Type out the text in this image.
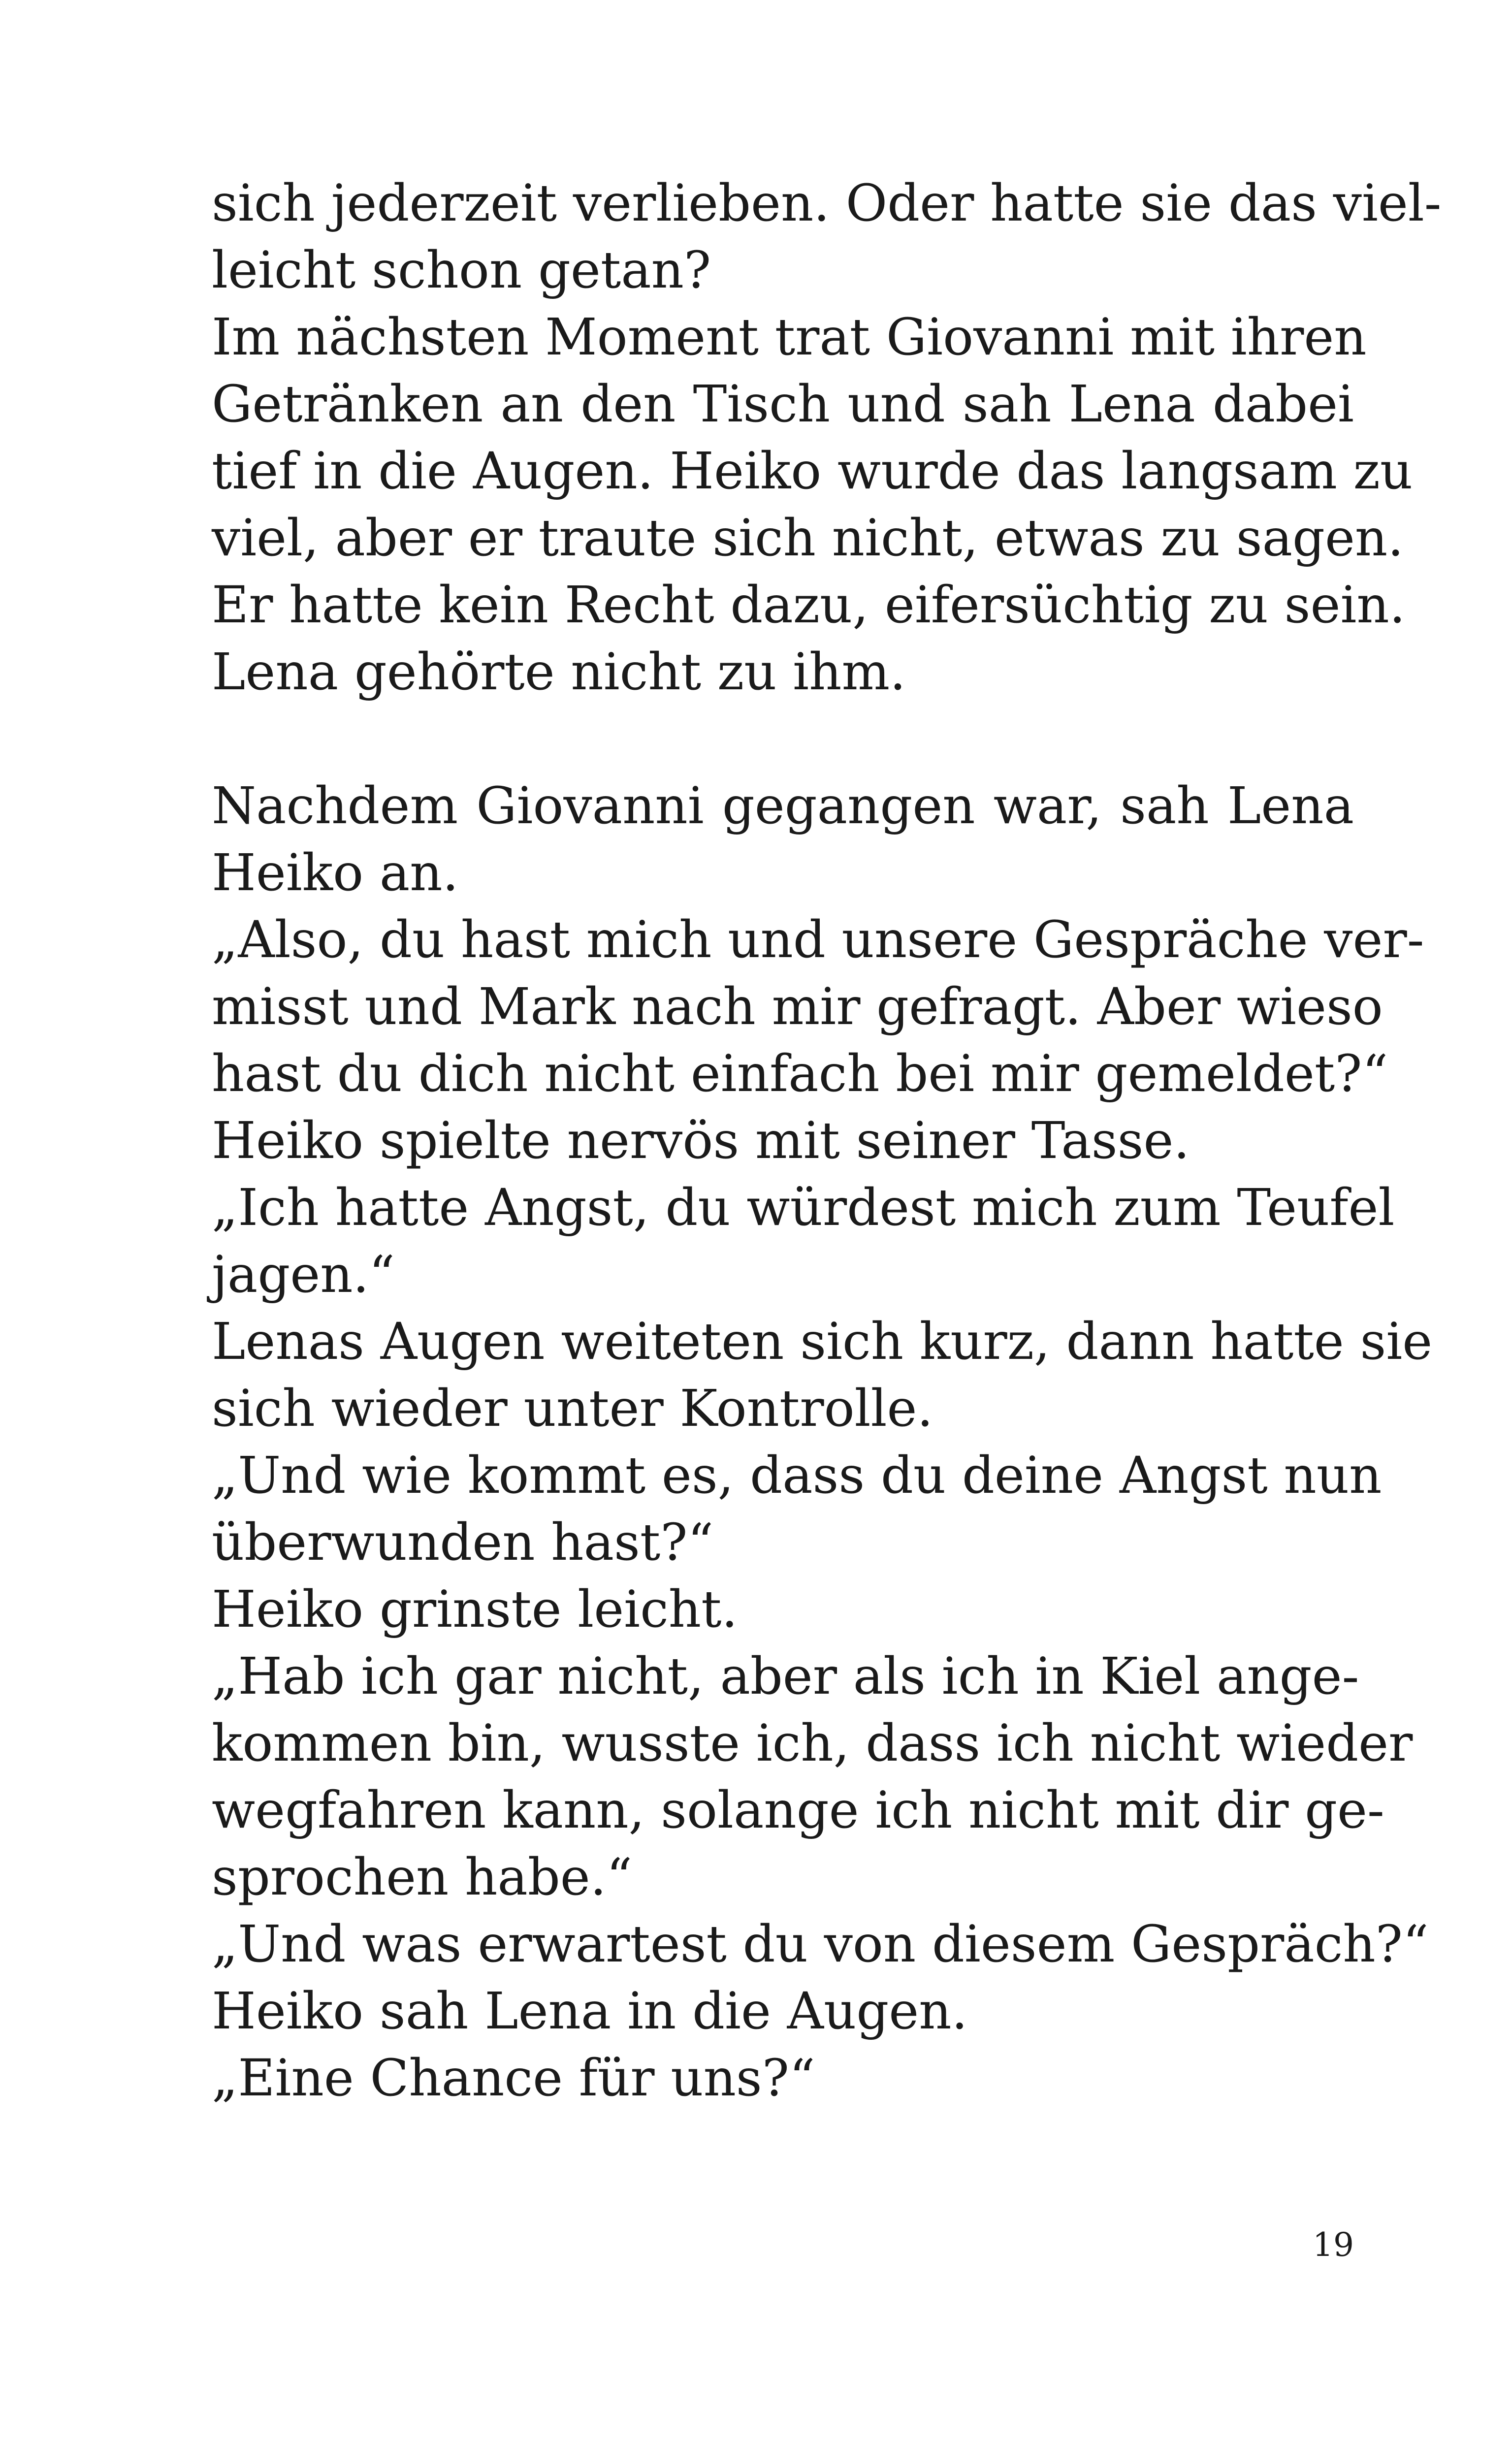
sich jederzeit verlieben. Oder hatte sie das viel-
leicht schon getan?
Im nächsten Moment trat Giovanni mit ihren
Getränken an den Tisch und sah Lena dabei
tief in die Augen. Heiko wurde das langsam zu
viel, aber er traute sich nicht, etwas zu sagen.
Er hatte kein Recht dazu, eifersüchtig zu sein.
Lena gehörte nicht zu ihm.
Nachdem Giovanni gegangen war, sah Lena
Heiko an.
„Also, du hast mich und unsere Gespräche ver-
misst und Mark nach mir gefragt. Aber wieso
hast du dich nicht einfach bei mir gemeldet?“
Heiko spielte nervös mit seiner Tasse.
„Ich hatte Angst, du würdest mich zum Teufel
jagen.“
Lenas Augen weiteten sich kurz, dann hatte sie
sich wieder unter Kontrolle.
„Und wie kommt es, dass du deine Angst nun
überwunden hast?“
Heiko grinste leicht.
„Hab ich gar nicht, aber als ich in Kiel ange-
kommen bin, wusste ich, dass ich nicht wieder
wegfahren kann, solange ich nicht mit dir ge-
sprochen habe.“
„Und was erwartest du von diesem Gespräch?“
Heiko sah Lena in die Augen.
„Eine Chance für uns?“
19
